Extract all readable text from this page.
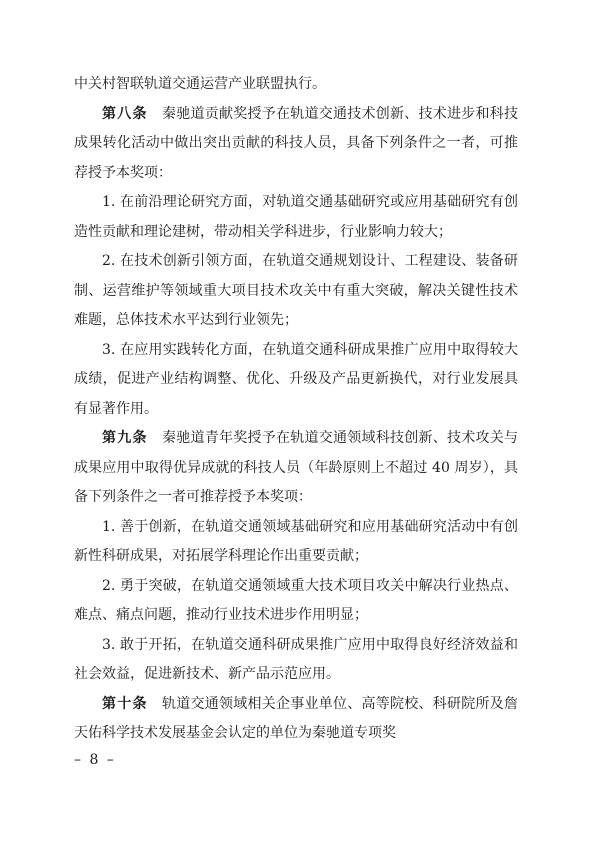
中关村智联轨道交通运营产业联盟执行。

第八条　秦驰道贡献奖授予在轨道交通技术创新、技术进步和科技成果转化活动中做出突出贡献的科技人员，具备下列条件之一者，可推荐授予本奖项：

1. 在前沿理论研究方面，对轨道交通基础研究或应用基础研究有创造性贡献和理论建树，带动相关学科进步，行业影响力较大；

2. 在技术创新引领方面，在轨道交通规划设计、工程建设、装备研制、运营维护等领域重大项目技术攻关中有重大突破，解决关键性技术难题，总体技术水平达到行业领先；

3. 在应用实践转化方面，在轨道交通科研成果推广应用中取得较大成绩，促进产业结构调整、优化、升级及产品更新换代，对行业发展具有显著作用。

第九条　秦驰道青年奖授予在轨道交通领域科技创新、技术攻关与成果应用中取得优异成就的科技人员（年龄原则上不超过 40 周岁），具备下列条件之一者可推荐授予本奖项：

1. 善于创新，在轨道交通领域基础研究和应用基础研究活动中有创新性科研成果，对拓展学科理论作出重要贡献；

2. 勇于突破，在轨道交通领域重大技术项目攻关中解决行业热点、难点、痛点问题，推动行业技术进步作用明显；

3. 敢于开拓，在轨道交通科研成果推广应用中取得良好经济效益和社会效益，促进新技术、新产品示范应用。

第十条　轨道交通领域相关企事业单位、高等院校、科研院所及詹天佑科学技术发展基金会认定的单位为秦驰道专项奖

– 8 –
